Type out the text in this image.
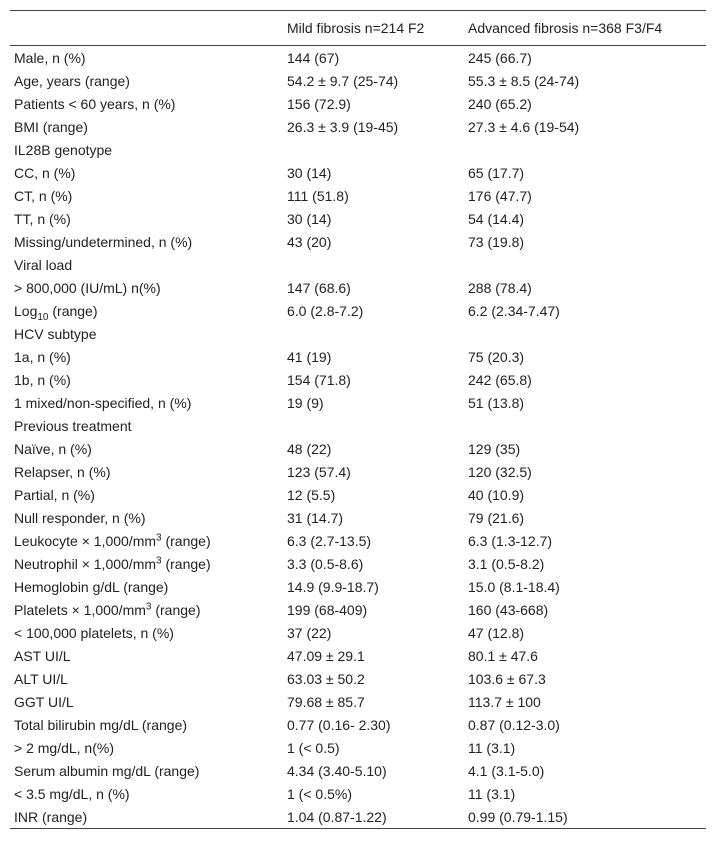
	Mild fibrosis n=214 F2	Advanced fibrosis n=368 F3/F4
Male, n (%)	144 (67)	245 (66.7)
Age, years (range)	54.2 ± 9.7 (25-74)	55.3 ± 8.5 (24-74)
Patients < 60 years, n (%)	156 (72.9)	240 (65.2)
BMI (range)	26.3 ± 3.9 (19-45)	27.3 ± 4.6 (19-54)
IL28B genotype		
CC, n (%)	30 (14)	65 (17.7)
CT, n (%)	111 (51.8)	176 (47.7)
TT, n (%)	30 (14)	54 (14.4)
Missing/undetermined, n (%)	43 (20)	73 (19.8)
Viral load		
> 800,000 (IU/mL) n(%)	147 (68.6)	288 (78.4)
Log$_{10}$ (range)	6.0 (2.8-7.2)	6.2 (2.34-7.47)
HCV subtype		
1a, n (%)	41 (19)	75 (20.3)
1b, n (%)	154 (71.8)	242 (65.8)
1 mixed/non-specified, n (%)	19 (9)	51 (13.8)
Previous treatment		
Naïve, n (%)	48 (22)	129 (35)
Relapser, n (%)	123 (57.4)	120 (32.5)
Partial, n (%)	12 (5.5)	40 (10.9)
Null responder, n (%)	31 (14.7)	79 (21.6)
Leukocyte × $1,000/mm^3$ (range)	6.3 (2.7-13.5)	6.3 (1.3-12.7)
Neutrophil × $1,000/mm^3$ (range)	3.3 (0.5-8.6)	3.1 (0.5-8.2)
Hemoglobin g/dL (range)	14.9 (9.9-18.7)	15.0 (8.1-18.4)
Platelets × $1,000/mm^3$ (range)	199 (68-409)	160 (43-668)
< 100,000 platelets, n (%)	37 (22)	47 (12.8)
AST UI/L	47.09 ± 29.1	80.1 ± 47.6
ALT UI/L	63.03 ± 50.2	103.6 ± 67.3
GGT UI/L	79.68 ± 85.7	113.7 ± 100
Total bilirubin mg/dL (range)	0.77 (0.16- 2.30)	0.87 (0.12-3.0)
> 2 mg/dL, n(%)	1 (< 0.5)	11 (3.1)
Serum albumin mg/dL (range)	4.34 (3.40-5.10)	4.1 (3.1-5.0)
< 3.5 mg/dL, n (%)	1 (< 0.5%)	11 (3.1)
INR (range)	1.04 (0.87-1.22)	0.99 (0.79-1.15)
